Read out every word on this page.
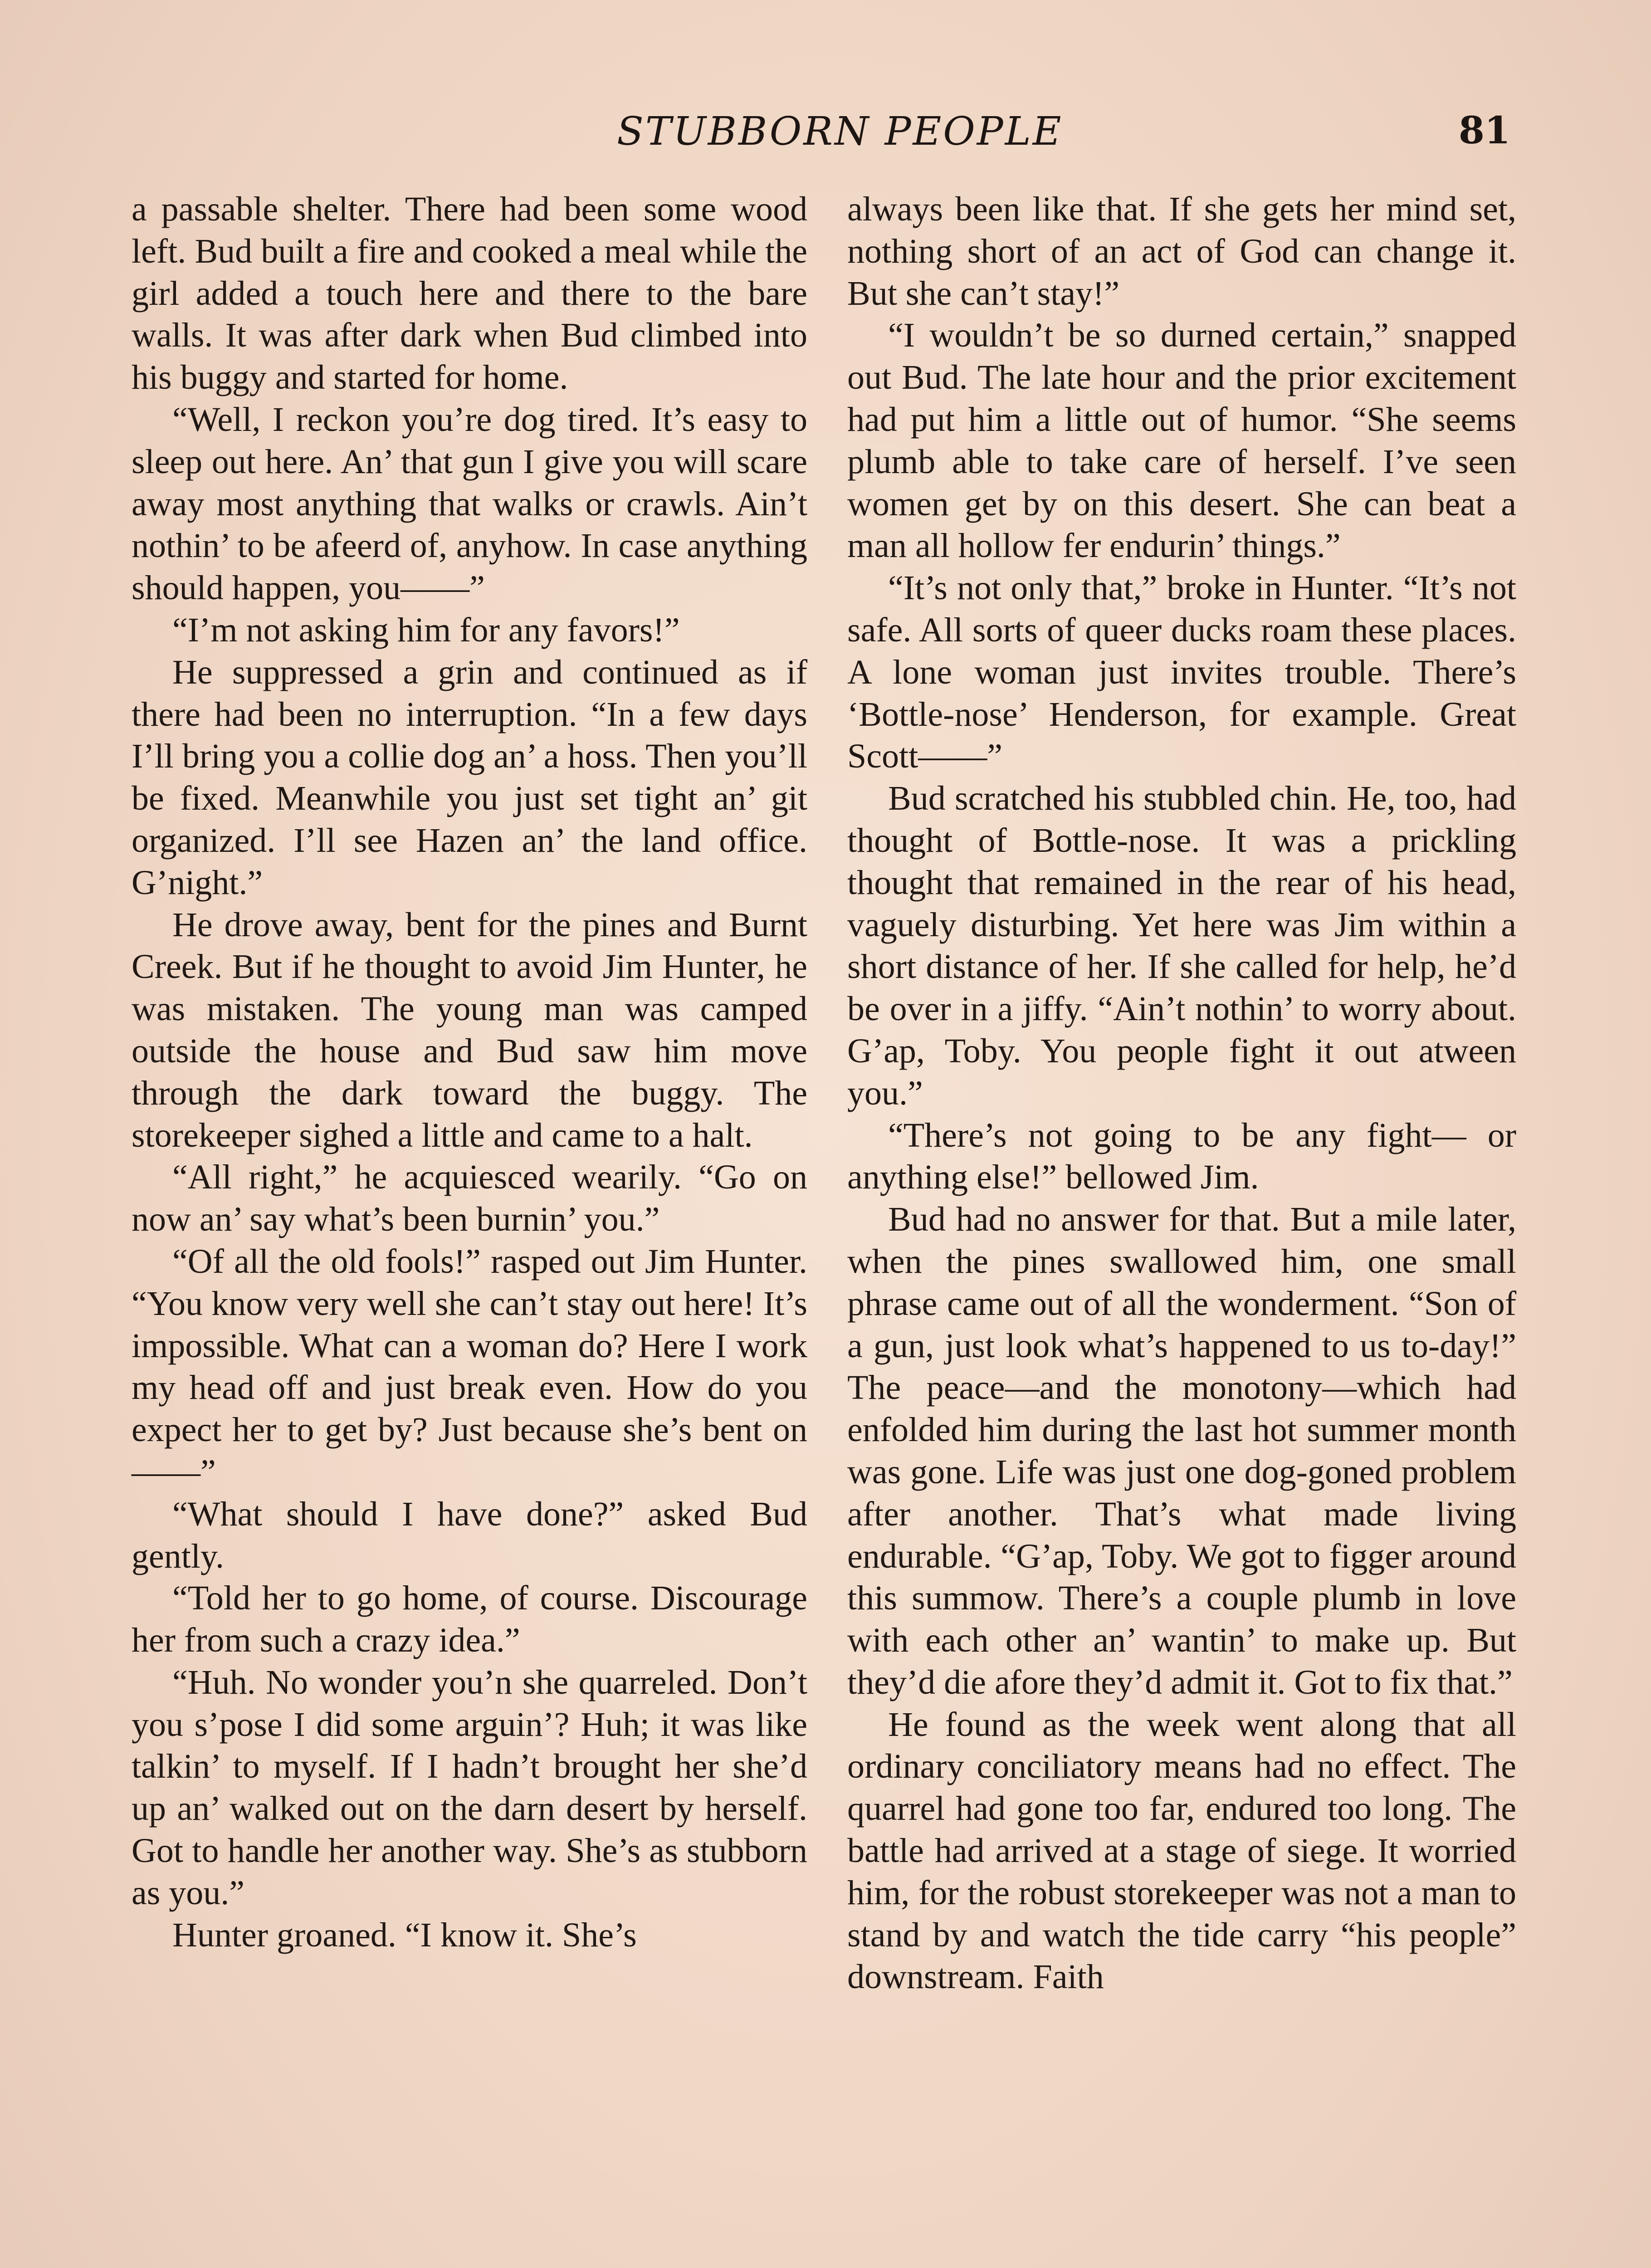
STUBBORN PEOPLE	81

a passable shelter. There had been some wood left. Bud built a fire and cooked a meal while the girl added a touch here and there to the bare walls. It was after dark when Bud climbed into his buggy and started for home.

“Well, I reckon you’re dog tired. It’s easy to sleep out here. An’ that gun I give you will scare away most anything that walks or crawls. Ain’t nothin’ to be afeerd of, anyhow. In case anything should happen, you——”

“I’m not asking him for any favors!”

He suppressed a grin and continued as if there had been no interruption. “In a few days I’ll bring you a collie dog an’ a hoss. Then you’ll be fixed. Meanwhile you just set tight an’ git organized. I’ll see Hazen an’ the land office. G’night.”

He drove away, bent for the pines and Burnt Creek. But if he thought to avoid Jim Hunter, he was mistaken. The young man was camped outside the house and Bud saw him move through the dark toward the buggy. The storekeeper sighed a little and came to a halt.

“All right,” he acquiesced wearily. “Go on now an’ say what’s been burnin’ you.”

“Of all the old fools!” rasped out Jim Hunter. “You know very well she can’t stay out here! It’s impossible. What can a woman do? Here I work my head off and just break even. How do you expect her to get by? Just because she’s bent on——”

“What should I have done?” asked Bud gently.

“Told her to go home, of course. Discourage her from such a crazy idea.”

“Huh. No wonder you’n she quarreled. Don’t you s’pose I did some arguin’? Huh; it was like talkin’ to myself. If I hadn’t brought her she’d up an’ walked out on the darn desert by herself. Got to handle her another way. She’s as stubborn as you.”

Hunter groaned. “I know it. She’s

always been like that. If she gets her mind set, nothing short of an act of God can change it. But she can’t stay!”

“I wouldn’t be so durned certain,” snapped out Bud. The late hour and the prior excitement had put him a little out of humor. “She seems plumb able to take care of herself. I’ve seen women get by on this desert. She can beat a man all hollow fer endurin’ things.”

“It’s not only that,” broke in Hunter. “It’s not safe. All sorts of queer ducks roam these places. A lone woman just invites trouble. There’s ‘Bottle-nose’ Henderson, for example. Great Scott——”

Bud scratched his stubbled chin. He, too, had thought of Bottle-nose. It was a prickling thought that remained in the rear of his head, vaguely disturbing. Yet here was Jim within a short distance of her. If she called for help, he’d be over in a jiffy. “Ain’t nothin’ to worry about. G’ap, Toby. You people fight it out atween you.”

“There’s not going to be any fight— or anything else!” bellowed Jim.

Bud had no answer for that. But a mile later, when the pines swallowed him, one small phrase came out of all the wonderment. “Son of a gun, just look what’s happened to us to-day!” The peace—and the monotony—which had enfolded him during the last hot summer month was gone. Life was just one dog-goned problem after another. That’s what made living endurable. “G’ap, Toby. We got to figger around this summow. There’s a couple plumb in love with each other an’ wantin’ to make up. But they’d die afore they’d admit it. Got to fix that.”

He found as the week went along that all ordinary conciliatory means had no effect. The quarrel had gone too far, endured too long. The battle had arrived at a stage of siege. It worried him, for the robust storekeeper was not a man to stand by and watch the tide carry “his people” downstream. Faith
